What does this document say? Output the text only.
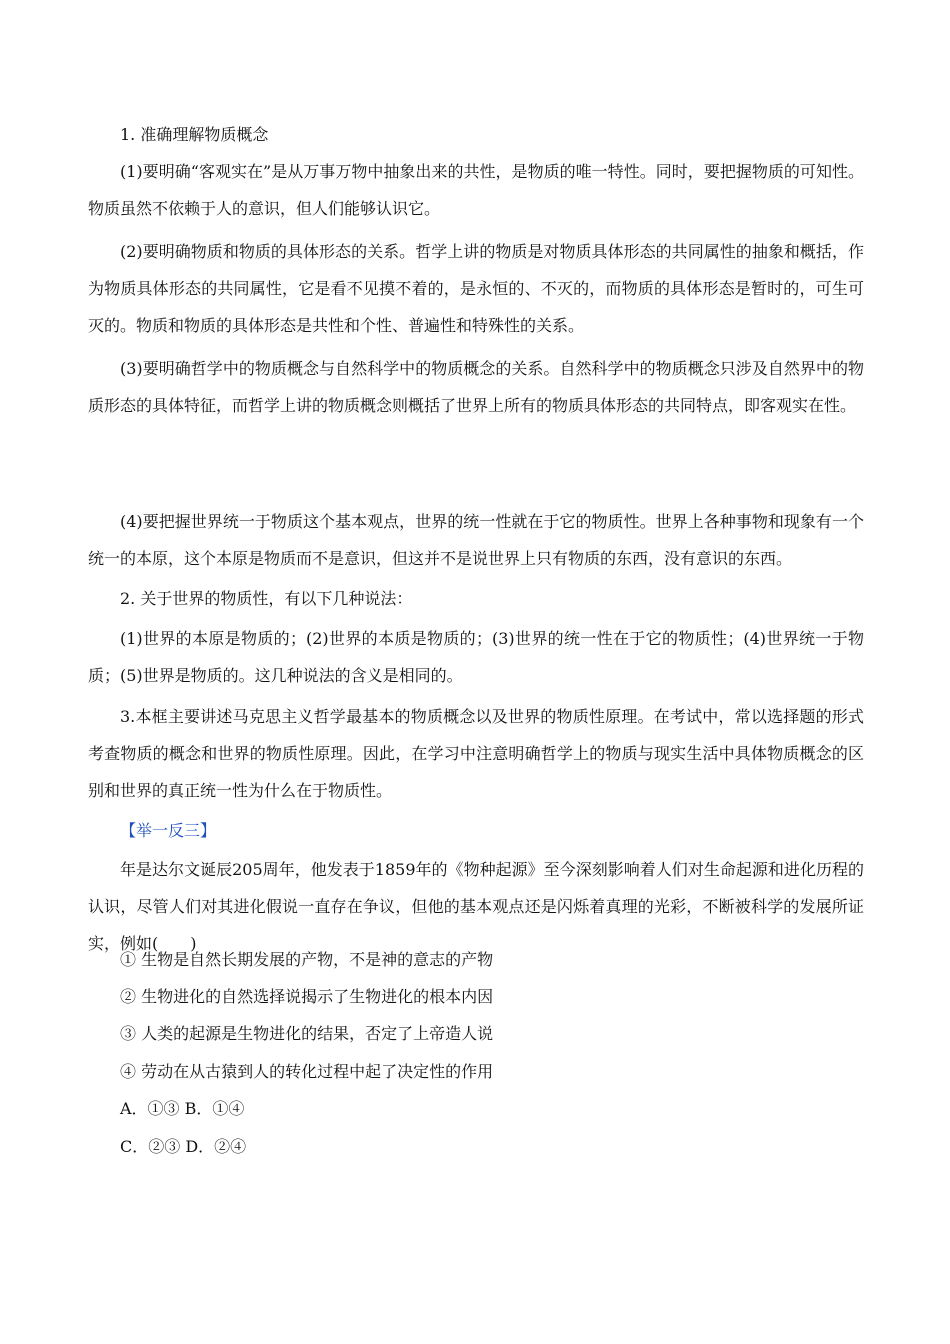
1. 准确理解物质概念
(1)要明确“客观实在”是从万事万物中抽象出来的共性，是物质的唯一特性。同时，要把握物质的可知性。物质虽然不依赖于人的意识，但人们能够认识它。
(2)要明确物质和物质的具体形态的关系。哲学上讲的物质是对物质具体形态的共同属性的抽象和概括，作为物质具体形态的共同属性，它是看不见摸不着的，是永恒的、不灭的，而物质的具体形态是暂时的，可生可灭的。物质和物质的具体形态是共性和个性、普遍性和特殊性的关系。
(3)要明确哲学中的物质概念与自然科学中的物质概念的关系。自然科学中的物质概念只涉及自然界中的物质形态的具体特征，而哲学上讲的物质概念则概括了世界上所有的物质具体形态的共同特点，即客观实在性。
(4)要把握世界统一于物质这个基本观点，世界的统一性就在于它的物质性。世界上各种事物和现象有一个统一的本原，这个本原是物质而不是意识，但这并不是说世界上只有物质的东西，没有意识的东西。
2. 关于世界的物质性，有以下几种说法：
(1)世界的本原是物质的；(2)世界的本质是物质的；(3)世界的统一性在于它的物质性；(4)世界统一于物质；(5)世界是物质的。这几种说法的含义是相同的。
3.本框主要讲述马克思主义哲学最基本的物质概念以及世界的物质性原理。在考试中，常以选择题的形式考查物质的概念和世界的物质性原理。因此，在学习中注意明确哲学上的物质与现实生活中具体物质概念的区别和世界的真正统一性为什么在于物质性。
【举一反三】
年是达尔文诞辰205周年，他发表于1859年的《物种起源》至今深刻影响着人们对生命起源和进化历程的认识，尽管人们对其进化假说一直存在争议，但他的基本观点还是闪烁着真理的光彩，不断被科学的发展所证实，例如(　　)
① 生物是自然长期发展的产物，不是神的意志的产物
② 生物进化的自然选择说揭示了生物进化的根本内因
③ 人类的起源是生物进化的结果，否定了上帝造人说
④ 劳动在从古猿到人的转化过程中起了决定性的作用
A．①③ B．①④
C．②③ D．②④
